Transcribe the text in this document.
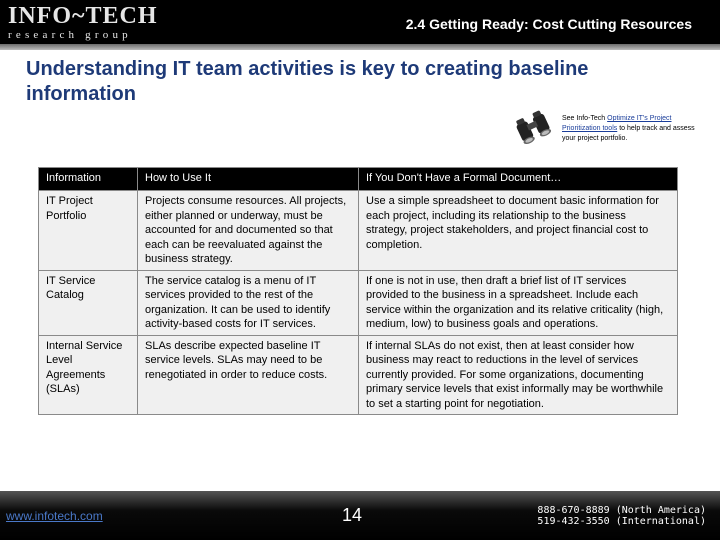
INFO~TECH
research group
2.4 Getting Ready: Cost Cutting Resources
Understanding IT team activities is key to creating baseline information
See Info-Tech Optimize IT's Project Prioritization tools to help track and assess your project portfolio.
Information	How to Use It	If You Don't Have a Formal Document…
IT Project Portfolio	Projects consume resources. All projects, either planned or underway, must be accounted for and documented so that each can be reevaluated against the business strategy.	Use a simple spreadsheet to document basic information for each project, including its relationship to the business strategy, project stakeholders, and project financial cost to completion.
IT Service Catalog	The service catalog is a menu of IT services provided to the rest of the organization. It can be used to identify activity-based costs for IT services.	If one is not in use, then draft a brief list of IT services provided to the business in a spreadsheet. Include each service within the organization and its relative criticality (high, medium, low) to business goals and operations.
Internal Service Level Agreements (SLAs)	SLAs describe expected baseline IT service levels. SLAs may need to be renegotiated in order to reduce costs.	If internal SLAs do not exist, then at least consider how business may react to reductions in the level of services currently provided. For some organizations, documenting primary service levels that exist informally may be worthwhile to set a starting point for negotiation.
www.infotech.com	14	888-670-8889 (North America)
519-432-3550 (International)
